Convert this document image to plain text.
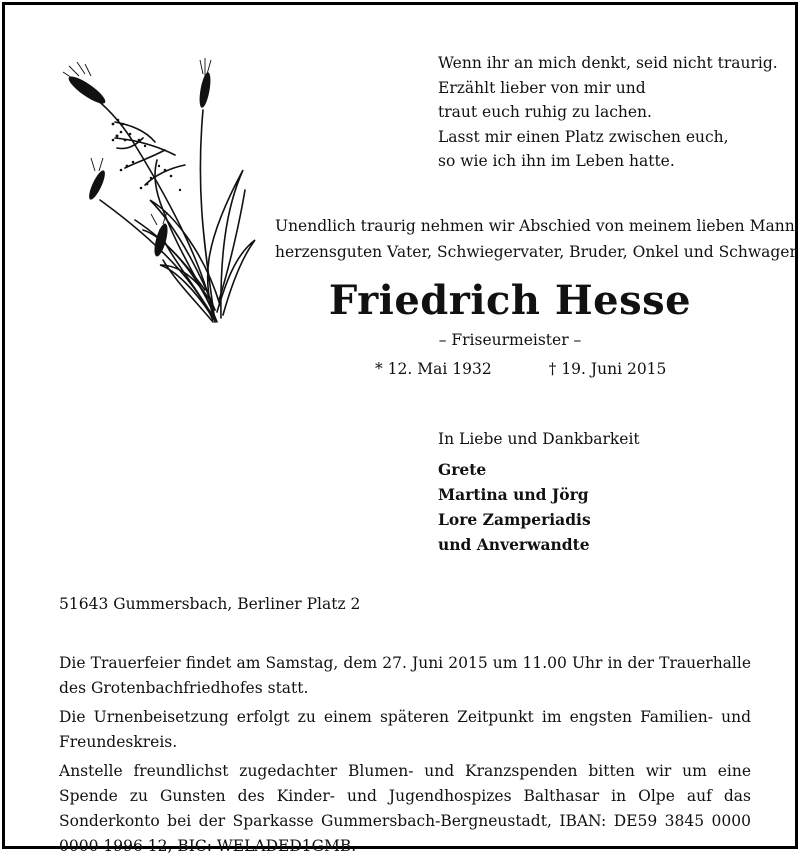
Wenn ihr an mich denkt, seid nicht traurig.
Erzählt lieber von mir und
traut euch ruhig zu lachen.
Lasst mir einen Platz zwischen euch,
so wie ich ihn im Leben hatte.
Unendlich traurig nehmen wir Abschied von meinem lieben Mann,
herzensguten Vater, Schwiegervater, Bruder, Onkel und Schwager
Friedrich Hesse
– Friseurmeister –
* 12. Mai 1932	† 19. Juni 2015
In Liebe und Dankbarkeit
Grete
Martina und Jörg
Lore Zamperiadis
und Anverwandte
51643 Gummersbach, Berliner Platz 2

Die Trauerfeier findet am Samstag, dem 27. Juni 2015 um 11.00 Uhr in der Trauerhalle des Grotenbachfriedhofes statt.

Die Urnenbeisetzung erfolgt zu einem späteren Zeitpunkt im engsten Familien- und Freundeskreis.

Anstelle freundlichst zugedachter Blumen- und Kranzspenden bitten wir um eine Spende zu Gunsten des Kinder- und Jugendhospizes Balthasar in Olpe auf das Sonderkonto bei der Sparkasse Gummersbach-Bergneustadt, IBAN: DE59 3845 0000 0000 1996 12, BIC: WELADED1GMB.
